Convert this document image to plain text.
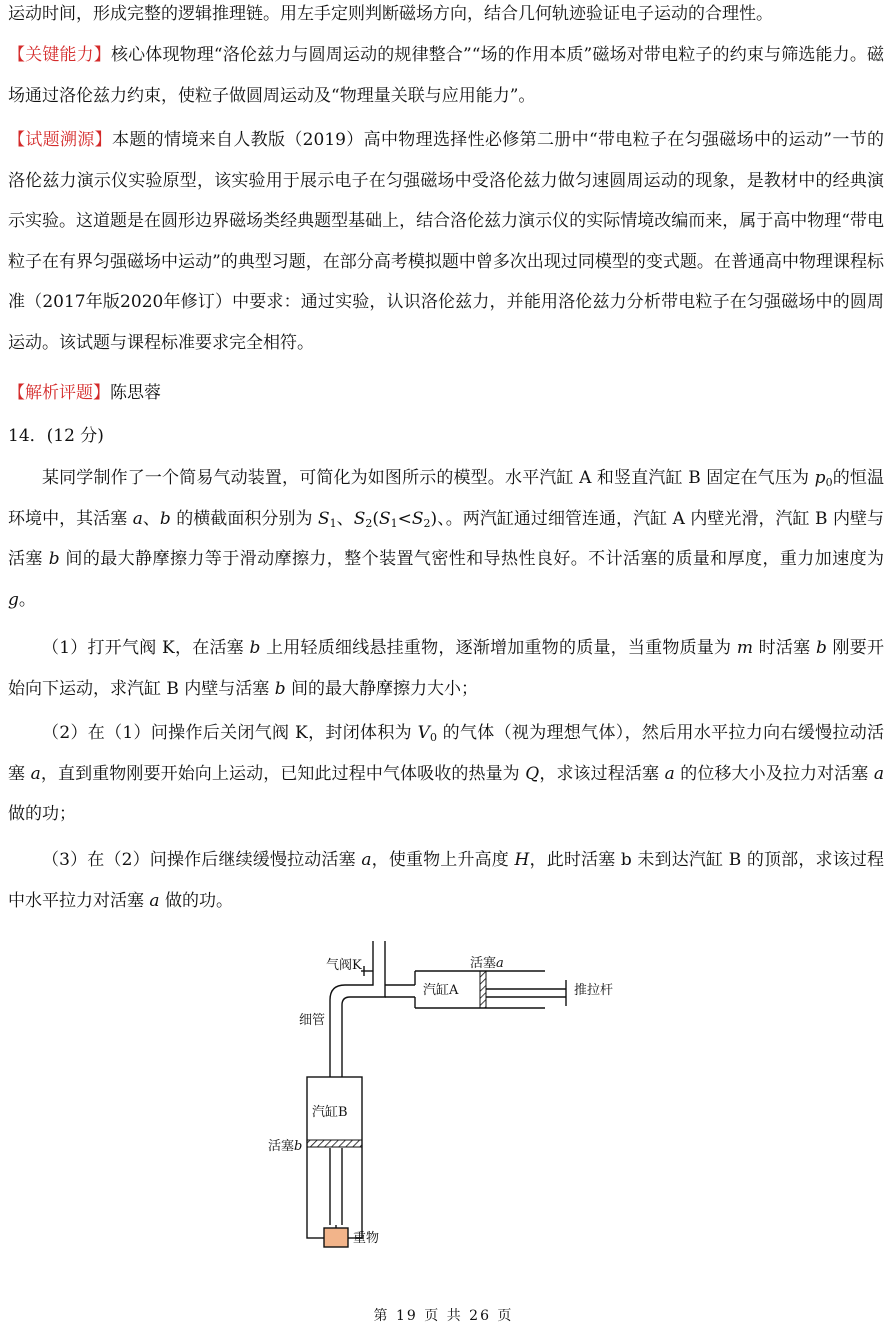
运动时间，形成完整的逻辑推理链。用左手定则判断磁场方向，结合几何轨迹验证电子运动的合理性。

【关键能力】核心体现物理“洛伦兹力与圆周运动的规律整合”“场的作用本质”磁场对带电粒子的约束与筛选能力。磁场通过洛伦兹力约束，使粒子做圆周运动及“物理量关联与应用能力”。

【试题溯源】本题的情境来自人教版（2019）高中物理选择性必修第二册中“带电粒子在匀强磁场中的运动”一节的洛伦兹力演示仪实验原型，该实验用于展示电子在匀强磁场中受洛伦兹力做匀速圆周运动的现象，是教材中的经典演示实验。这道题是在圆形边界磁场类经典题型基础上，结合洛伦兹力演示仪的实际情境改编而来，属于高中物理“带电粒子在有界匀强磁场中运动”的典型习题，在部分高考模拟题中曾多次出现过同模型的变式题。在普通高中物理课程标准（2017年版2020年修订）中要求：通过实验，认识洛伦兹力，并能用洛伦兹力分析带电粒子在匀强磁场中的圆周运动。该试题与课程标准要求完全相符。

【解析评题】陈思蓉

14．(12 分)

某同学制作了一个简易气动装置，可简化为如图所示的模型。水平汽缸 A 和竖直汽缸 B 固定在气压为 $p_0$的恒温环境中，其活塞 a、b 的横截面积分别为 $S_1$、$S_2(S_1<S_2)$、。两汽缸通过细管连通，汽缸 A 内壁光滑，汽缸 B 内壁与活塞 b 间的最大静摩擦力等于滑动摩擦力，整个装置气密性和导热性良好。不计活塞的质量和厚度，重力加速度为 g。

（1）打开气阀 K，在活塞 b 上用轻质细线悬挂重物，逐渐增加重物的质量，当重物质量为 m 时活塞 b 刚要开始向下运动，求汽缸 B 内壁与活塞 b 间的最大静摩擦力大小；

（2）在（1）问操作后关闭气阀 K，封闭体积为 $V_0$ 的气体（视为理想气体），然后用水平拉力向右缓慢拉动活塞 a，直到重物刚要开始向上运动，已知此过程中气体吸收的热量为 Q，求该过程活塞 a 的位移大小及拉力对活塞 a 做的功；

（3）在（2）问操作后继续缓慢拉动活塞 a，使重物上升高度 H，此时活塞 b 未到达汽缸 B 的顶部，求该过程中水平拉力对活塞 a 做的功。

气阀K	活塞a
汽缸A	推拉杆
细管
汽缸B
活塞b
重物
第 19 页 共 26 页
